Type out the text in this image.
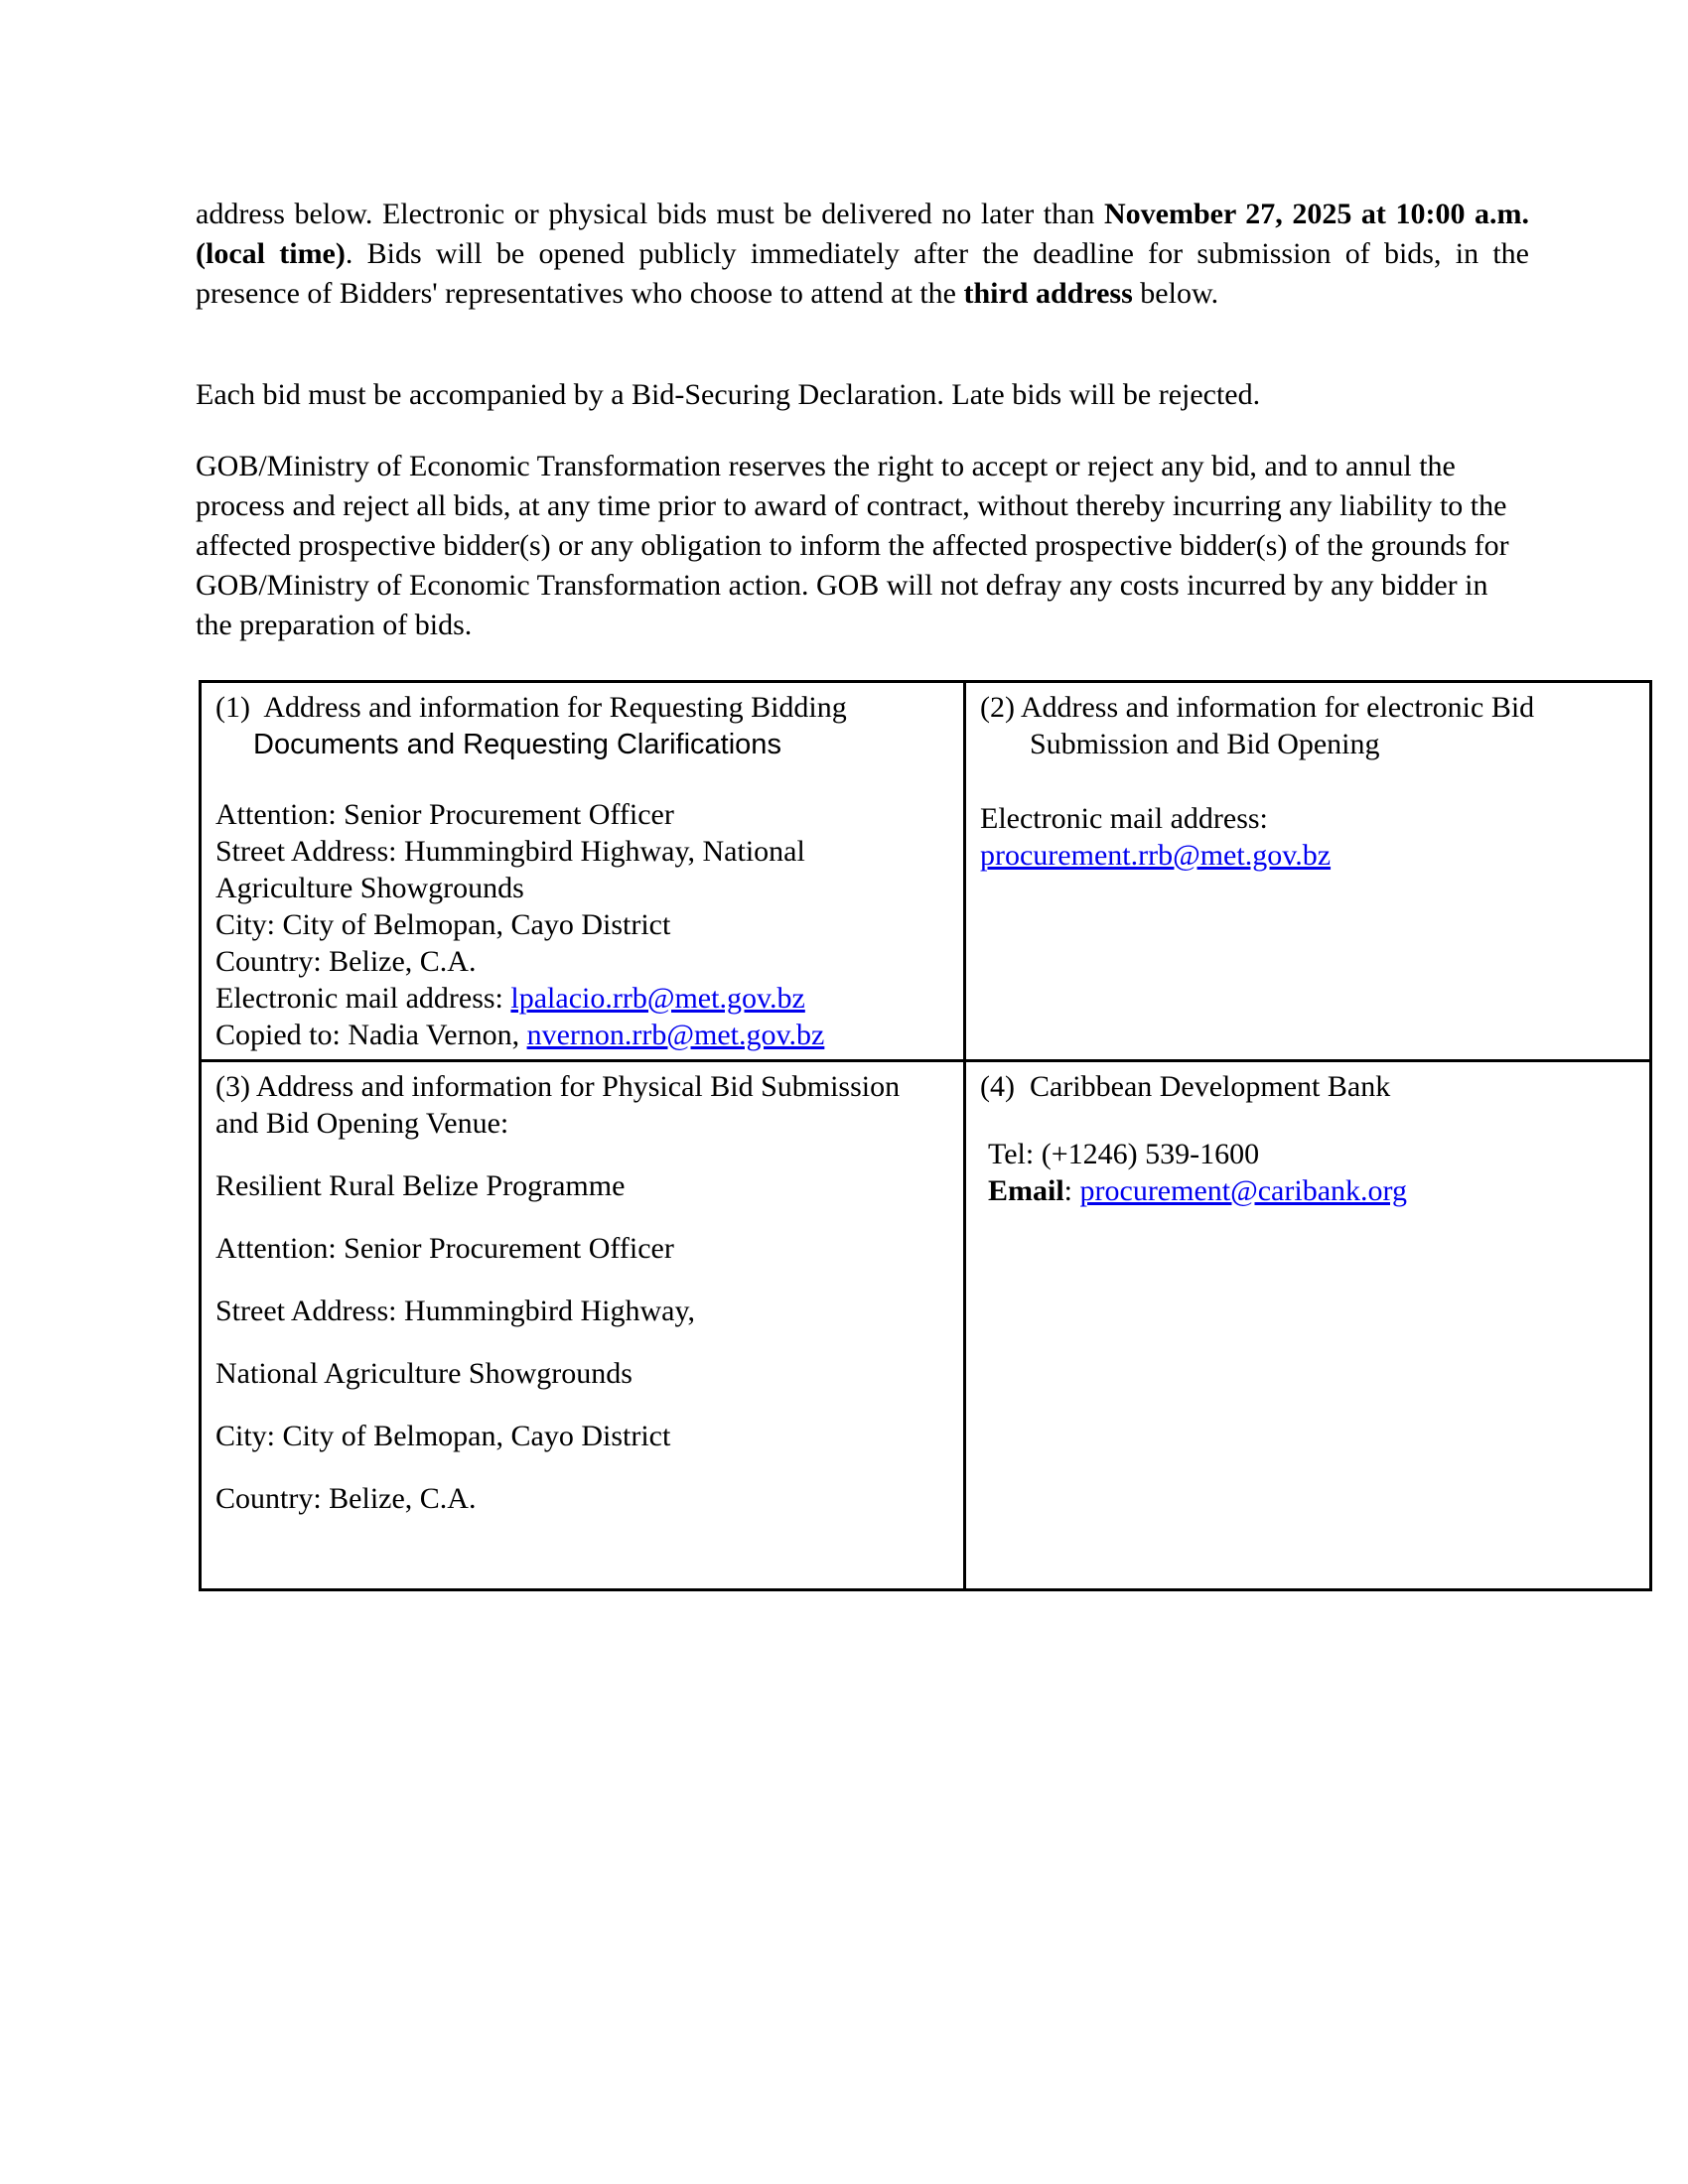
address below. Electronic or physical bids must be delivered no later than November 27, 2025 at 10:00 a.m. (local time). Bids will be opened publicly immediately after the deadline for submission of bids, in the presence of Bidders' representatives who choose to attend at the third address below.

Each bid must be accompanied by a Bid-Securing Declaration. Late bids will be rejected.

GOB/Ministry of Economic Transformation reserves the right to accept or reject any bid, and to annul the process and reject all bids, at any time prior to award of contract, without thereby incurring any liability to the affected prospective bidder(s) or any obligation to inform the affected prospective bidder(s) of the grounds for GOB/Ministry of Economic Transformation action. GOB will not defray any costs incurred by any bidder in the preparation of bids.

(1)  Address and information for Requesting Bidding
Documents and Requesting Clarifications

Attention: Senior Procurement Officer
Street Address: Hummingbird Highway, National
Agriculture Showgrounds
City: City of Belmopan, Cayo District
Country: Belize, C.A.
Electronic mail address: lpalacio.rrb@met.gov.bz
Copied to: Nadia Vernon, nvernon.rrb@met.gov.bz

(2) Address and information for electronic Bid
Submission and Bid Opening

Electronic mail address:
procurement.rrb@met.gov.bz

(3) Address and information for Physical Bid Submission
and Bid Opening Venue:

Resilient Rural Belize Programme

Attention: Senior Procurement Officer

Street Address: Hummingbird Highway,

National Agriculture Showgrounds

City: City of Belmopan, Cayo District

Country: Belize, C.A.

(4)  Caribbean Development Bank

Tel: (+1246) 539-1600
Email: procurement@caribank.org
